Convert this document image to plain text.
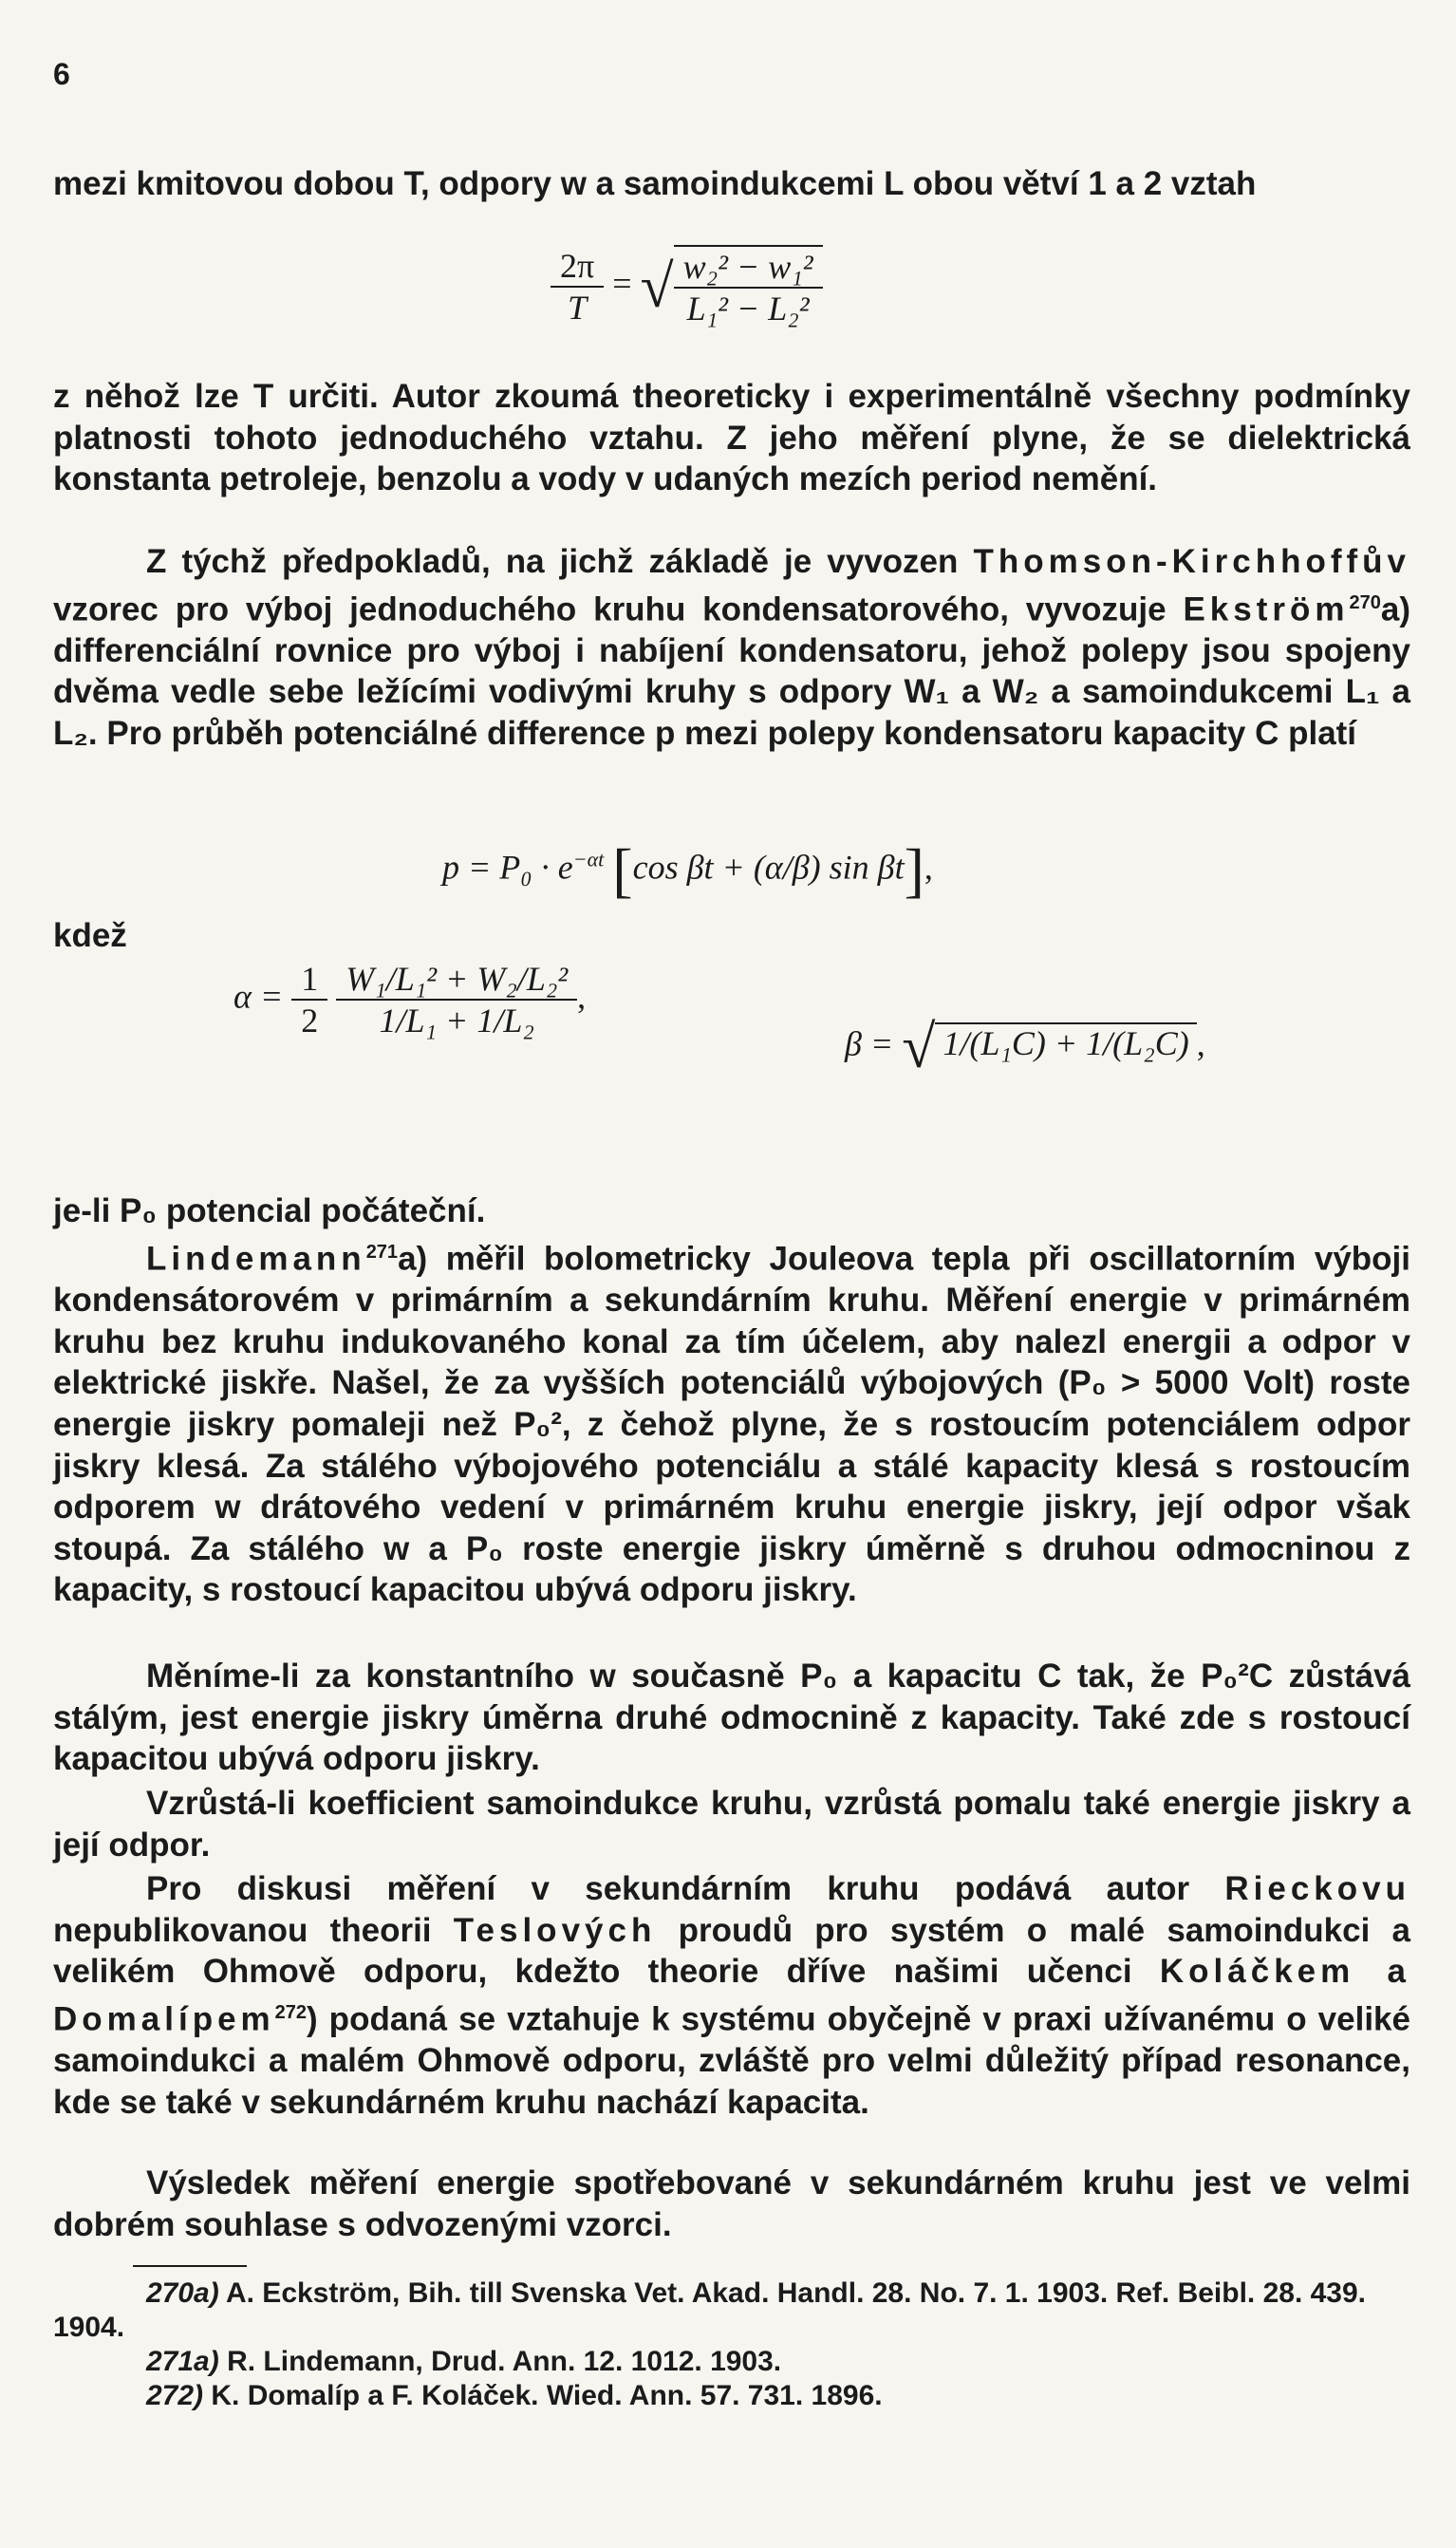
6
mezi kmitovou dobou T, odpory w a samoindukcemi L obou větví 1 a 2 vztah
$\frac{2\pi}{T}$ = √ $\frac{\text{w₂² − w₁²}}{\text{L₁² − L₂²}}$
z něhož lze T určiti. Autor zkoumá theoreticky i experimentálně všechny podmínky platnosti tohoto jednoduchého vztahu. Z jeho měření plyne, že se dielektrická konstanta petroleje, benzolu a vody v udaných mezích period nemění.
Z týchž předpokladů, na jichž základě je vyvozen Thomson-Kirchhoffův vzorec pro výboj jednoduchého kruhu kondensatorového, vyvozuje Ekström$^{270}$a) differenciální rovnice pro výboj i nabíjení kondensatoru, jehož polepy jsou spojeny dvěma vedle sebe ležícími vodivými kruhy s odpory W₁ a W₂ a samoindukcemi L₁ a L₂. Pro průběh potenciálné difference p mezi polepy kondensatoru kapacity C platí
$p = P_0 \cdot e^{-\alpha t}$ [cos βt + (α/β) sin βt],
kdež
$\alpha = \frac{1}{2}$
$\frac{\text{W₁/L₁² + W₂/L₂²}}{\text{1/L₁ + 1/L₂}}$ ,
β = √ 1/(L₁C) + 1/(L₂C) ,
je-li P₀ potencial počáteční.
Lindemann$^{271}$a) měřil bolometricky Jouleova tepla při oscillatorním výboji kondensátorovém v primárním a sekundárním kruhu. Měření energie v primárném kruhu bez kruhu indukovaného konal za tím účelem, aby nalezl energii a odpor v elektrické jiskře. Našel, že za vyšších potenciálů výbojových (P₀ > 5000 Volt) roste energie jiskry pomaleji než P₀², z čehož plyne, že s rostoucím potenciálem odpor jiskry klesá. Za stálého výbojového potenciálu a stálé kapacity klesá s rostoucím odporem w drátového vedení v primárném kruhu energie jiskry, její odpor však stoupá. Za stálého w a P₀ roste energie jiskry úměrně s druhou odmocninou z kapacity, s rostoucí kapacitou ubývá odporu jiskry.
Měníme-li za konstantního w současně P₀ a kapacitu C tak, že P₀²C zůstává stálým, jest energie jiskry úměrna druhé odmocnině z kapacity. Také zde s rostoucí kapacitou ubývá odporu jiskry.
Vzrůstá-li koefficient samoindukce kruhu, vzrůstá pomalu také energie jiskry a její odpor.
Pro diskusi měření v sekundárním kruhu podává autor Rieckovu nepublikovanou theorii Teslových proudů pro systém o malé samoindukci a velikém Ohmově odporu, kdežto theorie dříve našimi učenci Koláčkem a Domalípem$^{272}$) podaná se vztahuje k systému obyčejně v praxi užívanému o veliké samoindukci a malém Ohmově odporu, zvláště pro velmi důležitý případ resonance, kde se také v sekundárném kruhu nachází kapacita.
Výsledek měření energie spotřebované v sekundárném kruhu jest ve velmi dobrém souhlase s odvozenými vzorci.
270a) A. Eckström, Bih. till Svenska Vet. Akad. Handl. 28. No. 7. 1. 1903. Ref. Beibl. 28. 439. 1904.
271a) R. Lindemann, Drud. Ann. 12. 1012. 1903.
272) K. Domalíp a F. Koláček. Wied. Ann. 57. 731. 1896.
